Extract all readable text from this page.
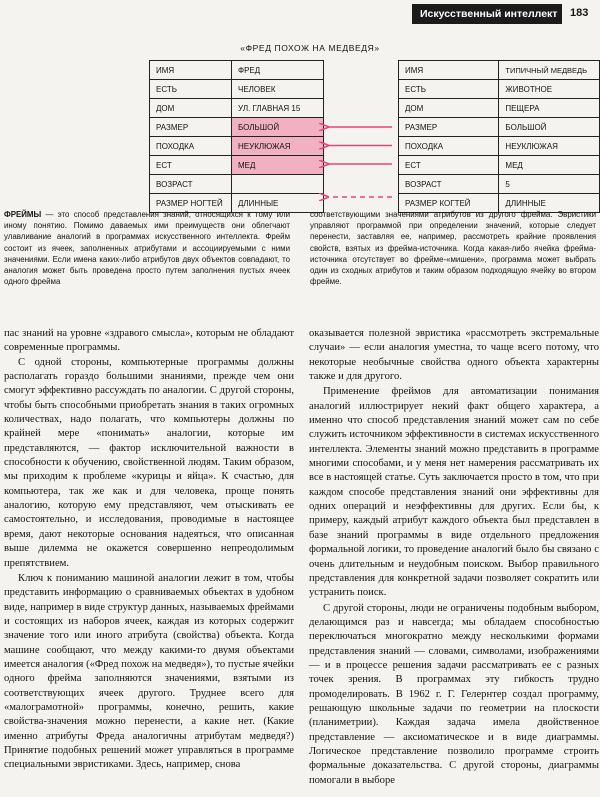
Искусственный интеллект	183
«ФРЕД ПОХОЖ НА МЕДВЕДЯ»
ИМЯ	ФРЕД
ЕСТЬ	ЧЕЛОВЕК
ДОМ	УЛ. ГЛАВНАЯ 15
РАЗМЕР	БОЛЬШОЙ
ПОХОДКА	НЕУКЛЮЖАЯ
ЕСТ	МЕД
ВОЗРАСТ	
РАЗМЕР НОГТЕЙ	ДЛИННЫЕ
ИМЯ	ТИПИЧНЫЙ МЕДВЕДЬ
ЕСТЬ	ЖИВОТНОЕ
ДОМ	ПЕЩЕРА
РАЗМЕР	БОЛЬШОЙ
ПОХОДКА	НЕУКЛЮЖАЯ
ЕСТ	МЕД
ВОЗРАСТ	5
РАЗМЕР КОГТЕЙ	ДЛИННЫЕ
ФРЕЙМЫ — это способ представления знаний, относящихся к тому или иному понятию. Помимо даваемых ими преимуществ они облегчают улавливание аналогий в программах искусственного интеллекта. Фрейм состоит из ячеек, заполненных атрибутами и ассоциируемыми с ними значениями. Если имена каких-либо атрибутов двух объектов совпадают, то аналогия может быть проведена просто путем заполнения пустых ячеек одного фрейма
соответствующими значениями атрибутов из другого фрейма. Эвристики управляют программой при определении значений, которые следует перенести, заставляя ее, например, рассмотреть крайние проявления свойств, взятых из фрейма-источника. Когда какая-либо ячейка фрейма-источника отсутствует во фрейме-«мишени», программа может выбрать один из сходных атрибутов и таким образом подходящую ячейку во втором фрейме.

пас знаний на уровне «здравого смысла», которым не обладают современные программы.

С одной стороны, компьютерные программы должны располагать гораздо большими знаниями, прежде чем они смогут эффективно рассуждать по аналогии. С другой стороны, чтобы быть способными приобретать знания в таких огромных количествах, надо полагать, что компьютеры должны по крайней мере «понимать» аналогии, которые им представляются, — фактор исключительной важности в способности к обучению, свойственной людям. Таким образом, мы приходим к проблеме «курицы и яйца». К счастью, для компьютера, так же как и для человека, проще понять аналогию, которую ему представляют, чем отыскивать ее самостоятельно, и исследования, проводимые в настоящее время, дают некоторые основания надеяться, что описанная выше дилемма не окажется совершенно непреодолимым препятствием.

Ключ к пониманию машиной аналогии лежит в том, чтобы представить информацию о сравниваемых объектах в удобном виде, например в виде структур данных, называемых фреймами и состоящих из наборов ячеек, каждая из которых содержит значение того или иного атрибута (свойства) объекта. Когда машине сообщают, что между какими-то двумя объектами имеется аналогия («Фред похож на медведя»), то пустые ячейки одного фрейма заполняются значениями, взятыми из соответствующих ячеек другого. Труднее всего для «малограмотной» программы, конечно, решить, какие свойства-значения можно перенести, а какие нет. (Какие именно атрибуты Фреда аналогичны атрибутам медведя?) Принятие подобных решений может управляться в программе специальными эвристиками. Здесь, например, снова

оказывается полезной эвристика «рассмотреть экстремальные случаи» — если аналогия уместна, то чаще всего потому, что некоторые необычные свойства одного объекта характерны также и для другого.

Применение фреймов для автоматизации понимания аналогий иллюстрирует некий факт общего характера, а именно что способ представления знаний может сам по себе служить источником эффективности в системах искусственного интеллекта. Элементы знаний можно представить в программе многими способами, и у меня нет намерения рассматривать их все в настоящей статье. Суть заключается просто в том, что при каждом способе представления знаний они эффективны для одних операций и неэффективны для других. Если бы, к примеру, каждый атрибут каждого объекта был представлен в базе знаний программы в виде отдельного предложения формальной логики, то проведение аналогий было бы связано с очень длительным и неудобным поиском. Выбор правильного представления для конкретной задачи позволяет сократить или устранить поиск.

С другой стороны, люди не ограничены подобным выбором, делающимся раз и навсегда; мы обладаем способностью переключаться многократно между несколькими формами представления знаний — словами, символами, изображениями — и в процессе решения задачи рассматривать ее с разных точек зрения. В программах эту гибкость трудно промоделировать. В 1962 г. Г. Гелернтер создал программу, решающую школьные задачи по геометрии на плоскости (планиметрии). Каждая задача имела двойственное представление — аксиоматическое и в виде диаграммы. Логическое представление позволило программе строить формальные доказательства. С другой стороны, диаграммы помогали в выборе
